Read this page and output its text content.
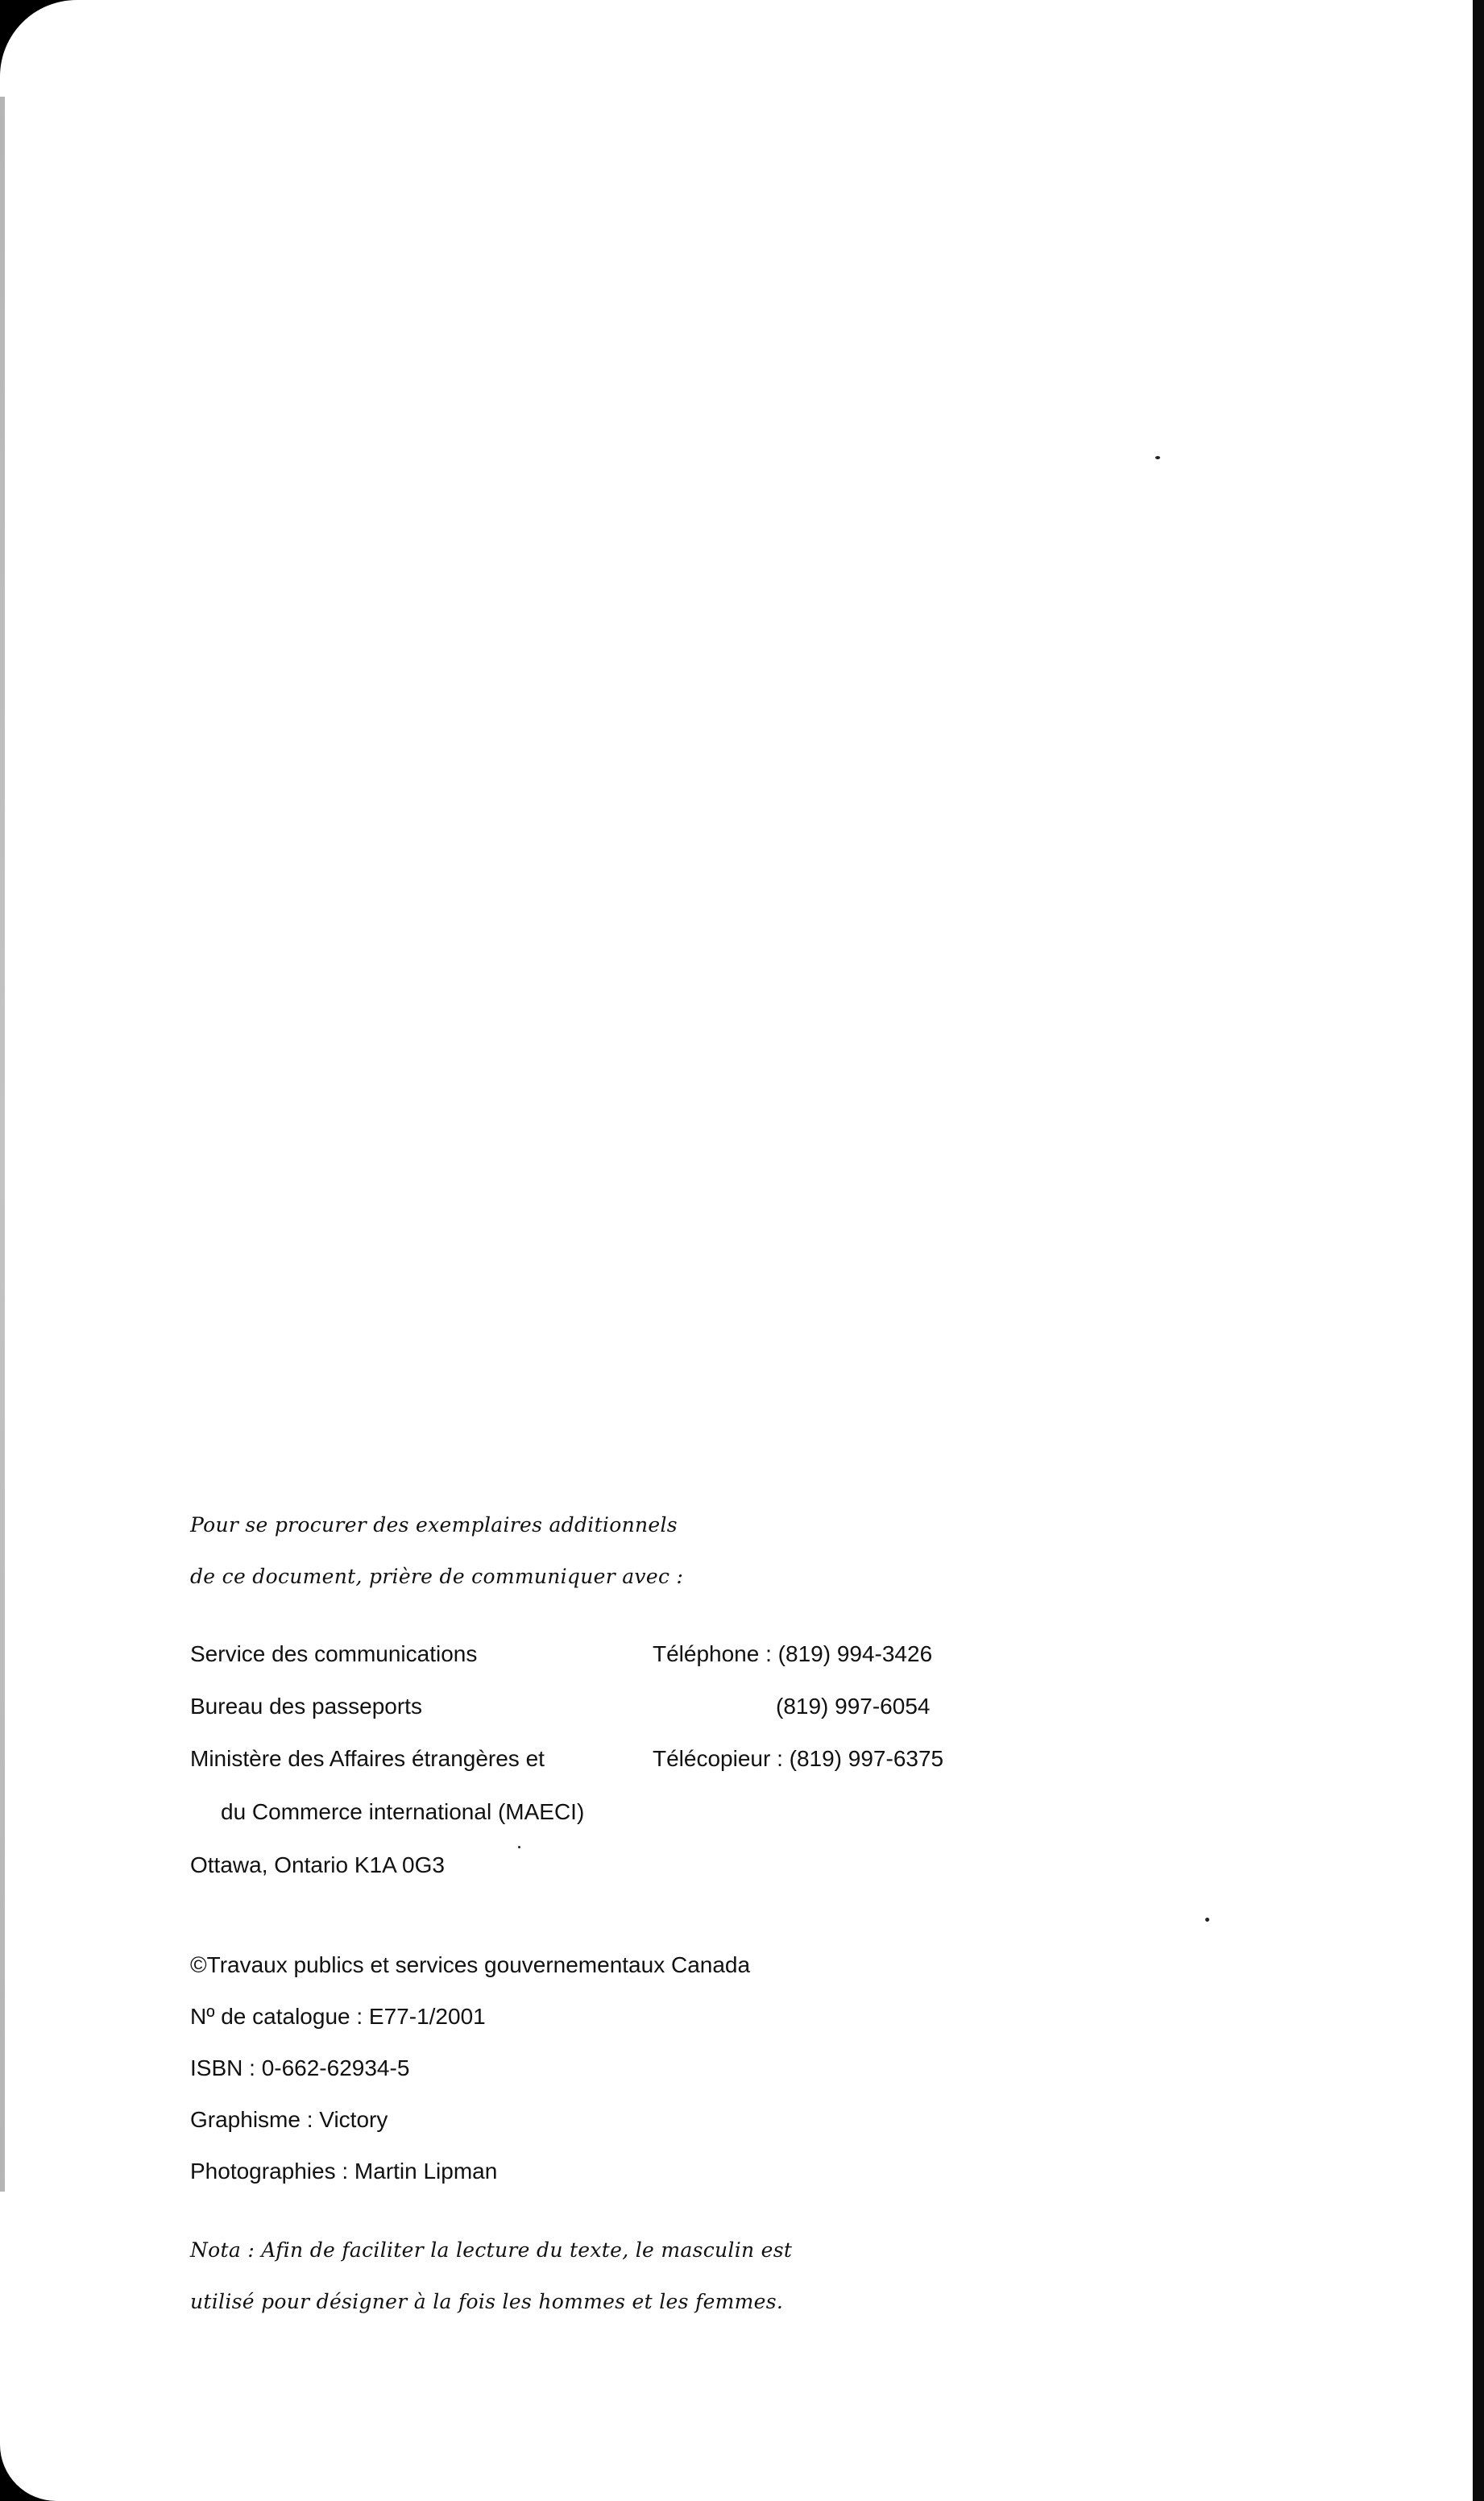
Pour se procurer des exemplaires additionnels
de ce document, prière de communiquer avec :
Service des communications
Bureau des passeports
Ministère des Affaires étrangères et
du Commerce international (MAECI)
Ottawa, Ontario K1A 0G3
Téléphone : (819) 994-3426
(819) 997-6054
Télécopieur : (819) 997-6375
©Travaux publics et services gouvernementaux Canada
Nº de catalogue : E77-1/2001
ISBN : 0-662-62934-5
Graphisme : Victory
Photographies : Martin Lipman
Nota : Afin de faciliter la lecture du texte, le masculin est
utilisé pour désigner à la fois les hommes et les femmes.
